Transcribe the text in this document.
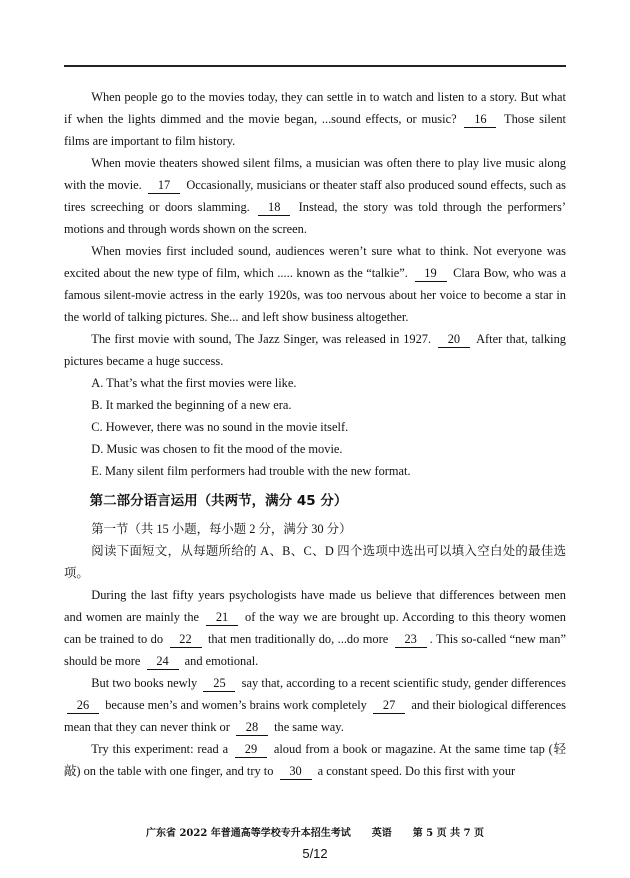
When people go to the movies today, they can settle in to watch and listen to a story. But what if when the lights dimmed and the movie began, ...sound effects, or music? 16 Those silent films are important to film history.

When movie theaters showed silent films, a musician was often there to play live music along with the movie. 17 Occasionally, musicians or theater staff also produced sound effects, such as tires screeching or doors slamming. 18 Instead, the story was told through the performers’ motions and through words shown on the screen.

When movies first included sound, audiences weren’t sure what to think. Not everyone was excited about the new type of film, which ..... known as the “talkie”. 19 Clara Bow, who was a famous silent-movie actress in the early 1920s, was too nervous about her voice to become a star in the world of talking pictures. She... and left show business altogether.

The first movie with sound, The Jazz Singer, was released in 1927. 20 After that, talking pictures became a huge success.

A. That’s what the first movies were like.
B. It marked the beginning of a new era.
C. However, there was no sound in the movie itself.
D. Music was chosen to fit the mood of the movie.
E. Many silent film performers had trouble with the new format.
第二部分语言运用（共两节，满分 45 分）
第一节（共 15 小题，每小题 2 分，满分 30 分）
阅读下面短文，从每题所给的 A、B、C、D 四个选项中选出可以填入空白处的最佳选项。

During the last fifty years psychologists have made us believe that differences between men and women are mainly the 21 of the way we are brought up. According to this theory women can be trained to do 22 that men traditionally do, ...do more 23 . This so-called “new man” should be more 24 and emotional.

But two books newly 25 say that, according to a recent scientific study, gender differences 26 because men’s and women’s brains work completely 27 and their biological differences mean that they can never think or 28 the same way.

Try this experiment: read a 29 aloud from a book or magazine. At the same time tap (轻敲) on the table with one finger, and try to 30 a constant speed. Do this first with your

广东省 2022 年普通高等学校专升本招生考试 英语 第 5 页 共 7 页
5/12
